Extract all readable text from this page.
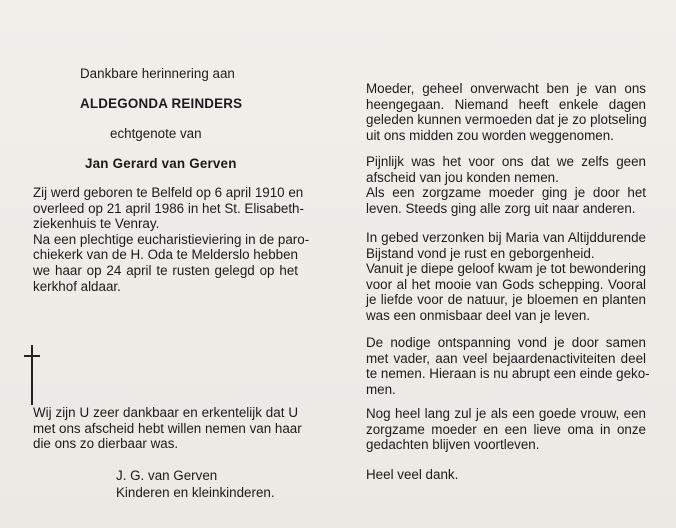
Dankbare herinnering aan
ALDEGONDA REINDERS
echtgenote van
Jan Gerard van Gerven
Zij werd geboren te Belfeld op 6 april 1910 en
overleed op 21 april 1986 in het St. Elisabeth-
ziekenhuis te Venray.
Na een plechtige eucharistieviering in de paro-
chiekerk van de H. Oda te Melderslo hebben
we haar op 24 april te rusten gelegd op het
kerkhof aldaar.
Wij zijn U zeer dankbaar en erkentelijk dat U
met ons afscheid hebt willen nemen van haar
die ons zo dierbaar was.
J. G. van Gerven
Kinderen en kleinkinderen.
Moeder, geheel onverwacht ben je van ons
heengegaan. Niemand heeft enkele dagen
geleden kunnen vermoeden dat je zo plotseling
uit ons midden zou worden weggenomen.
Pijnlijk was het voor ons dat we zelfs geen
afscheid van jou konden nemen.
Als een zorgzame moeder ging je door het
leven. Steeds ging alle zorg uit naar anderen.
In gebed verzonken bij Maria van Altijddurende
Bijstand vond je rust en geborgenheid.
Vanuit je diepe geloof kwam je tot bewondering
voor al het mooie van Gods schepping. Vooral
je liefde voor de natuur, je bloemen en planten
was een onmisbaar deel van je leven.
De nodige ontspanning vond je door samen
met vader, aan veel bejaardenactiviteiten deel
te nemen. Hieraan is nu abrupt een einde geko-
men.
Nog heel lang zul je als een goede vrouw, een
zorgzame moeder en een lieve oma in onze
gedachten blijven voortleven.
Heel veel dank.
